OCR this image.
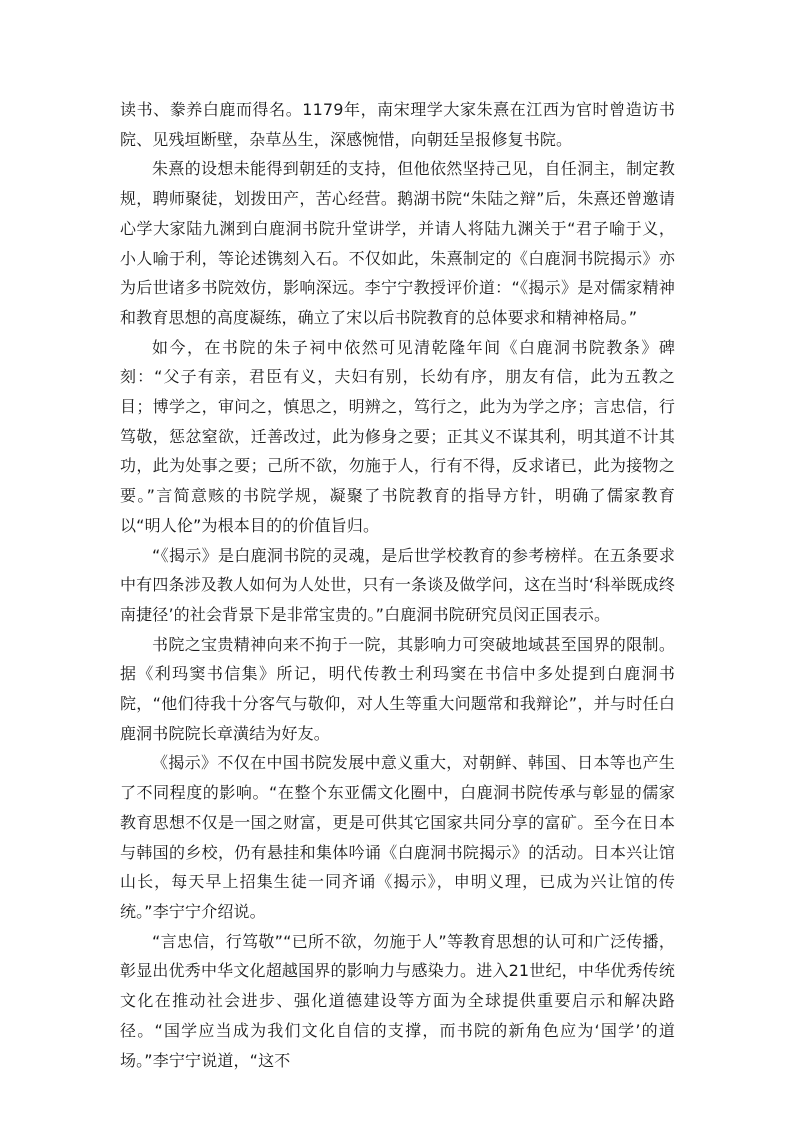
读书、豢养白鹿而得名。1179年，南宋理学大家朱熹在江西为官时曾造访书院、见残垣断壁，杂草丛生，深感惋惜，向朝廷呈报修复书院。

朱熹的设想未能得到朝廷的支持，但他依然坚持己见，自任洞主，制定教规，聘师聚徒，划拨田产，苦心经营。鹅湖书院“朱陆之辩”后，朱熹还曾邀请心学大家陆九渊到白鹿洞书院升堂讲学，并请人将陆九渊关于“君子喻于义，小人喻于利，等论述镌刻入石。不仅如此，朱熹制定的《白鹿洞书院揭示》亦为后世诸多书院效仿，影响深远。李宁宁教授评价道：“《揭示》是对儒家精神和教育思想的高度凝练，确立了宋以后书院教育的总体要求和精神格局。”

如今，在书院的朱子祠中依然可见清乾隆年间《白鹿洞书院教条》碑刻：“父子有亲，君臣有义，夫妇有别，长幼有序，朋友有信，此为五教之目；博学之，审问之，慎思之，明辨之，笃行之，此为为学之序；言忠信，行笃敬，惩忿窒欲，迁善改过，此为修身之要；正其义不谋其利，明其道不计其功，此为处事之要；己所不欲，勿施于人，行有不得，反求诸已，此为接物之要。”言简意赅的书院学规，凝聚了书院教育的指导方针，明确了儒家教育以“明人伦”为根本目的的价值旨归。

“《揭示》是白鹿洞书院的灵魂，是后世学校教育的参考榜样。在五条要求中有四条涉及教人如何为人处世，只有一条谈及做学问，这在当时‘科举既成终南捷径’的社会背景下是非常宝贵的。”白鹿洞书院研究员闵正国表示。

书院之宝贵精神向来不拘于一院，其影响力可突破地域甚至国界的限制。据《利玛窦书信集》所记，明代传教士利玛窦在书信中多处提到白鹿洞书院，“他们待我十分客气与敬仰，对人生等重大问题常和我辩论”，并与时任白鹿洞书院院长章潢结为好友。

《揭示》不仅在中国书院发展中意义重大，对朝鲜、韩国、日本等也产生了不同程度的影响。“在整个东亚儒文化圈中，白鹿洞书院传承与彰显的儒家教育思想不仅是一国之财富，更是可供其它国家共同分享的富矿。至今在日本与韩国的乡校，仍有悬挂和集体吟诵《白鹿洞书院揭示》的活动。日本兴让馆山长，每天早上招集生徒一同齐诵《揭示》，申明义理，已成为兴让馆的传统。”李宁宁介绍说。

“言忠信，行笃敬”“已所不欲，勿施于人”等教育思想的认可和广泛传播，彰显出优秀中华文化超越国界的影响力与感染力。进入21世纪，中华优秀传统文化在推动社会进步、强化道德建设等方面为全球提供重要启示和解决路径。“国学应当成为我们文化自信的支撑，而书院的新角色应为‘国学’的道场。”李宁宁说道，“这不
